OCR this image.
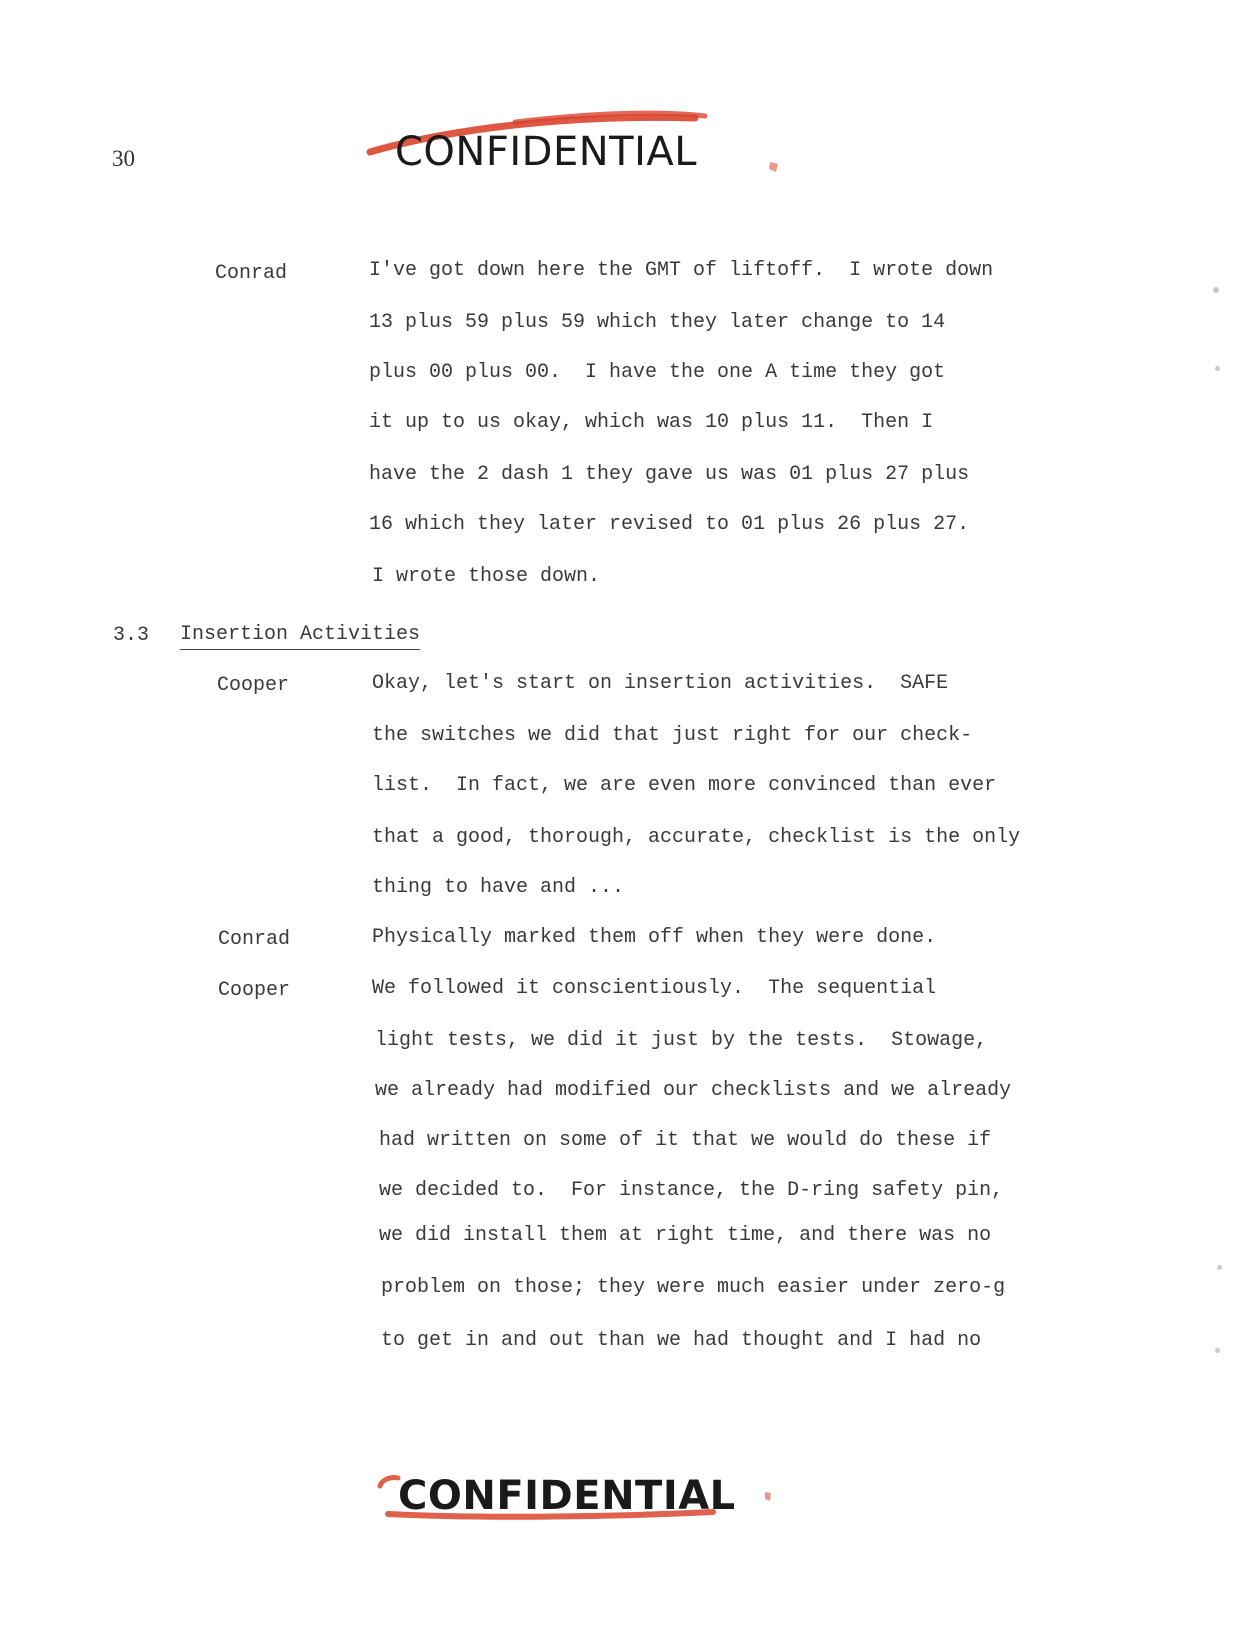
30	CONFIDENTIAL
Conrad	I've got down here the GMT of liftoff.  I wrote down
13 plus 59 plus 59 which they later change to 14
plus 00 plus 00.  I have the one A time they got
it up to us okay, which was 10 plus 11.  Then I
have the 2 dash 1 they gave us was 01 plus 27 plus
16 which they later revised to 01 plus 26 plus 27.
I wrote those down.
3.3 Insertion Activities
Cooper	Okay, let's start on insertion activities.  SAFE
the switches we did that just right for our check-
list.  In fact, we are even more convinced than ever
that a good, thorough, accurate, checklist is the only
thing to have and ...
Conrad	Physically marked them off when they were done.
Cooper	We followed it conscientiously.  The sequential
light tests, we did it just by the tests.  Stowage,
we already had modified our checklists and we already
had written on some of it that we would do these if
we decided to.  For instance, the D-ring safety pin,
we did install them at right time, and there was no
problem on those; they were much easier under zero-g
to get in and out than we had thought and I had no
CONFIDENTIAL
